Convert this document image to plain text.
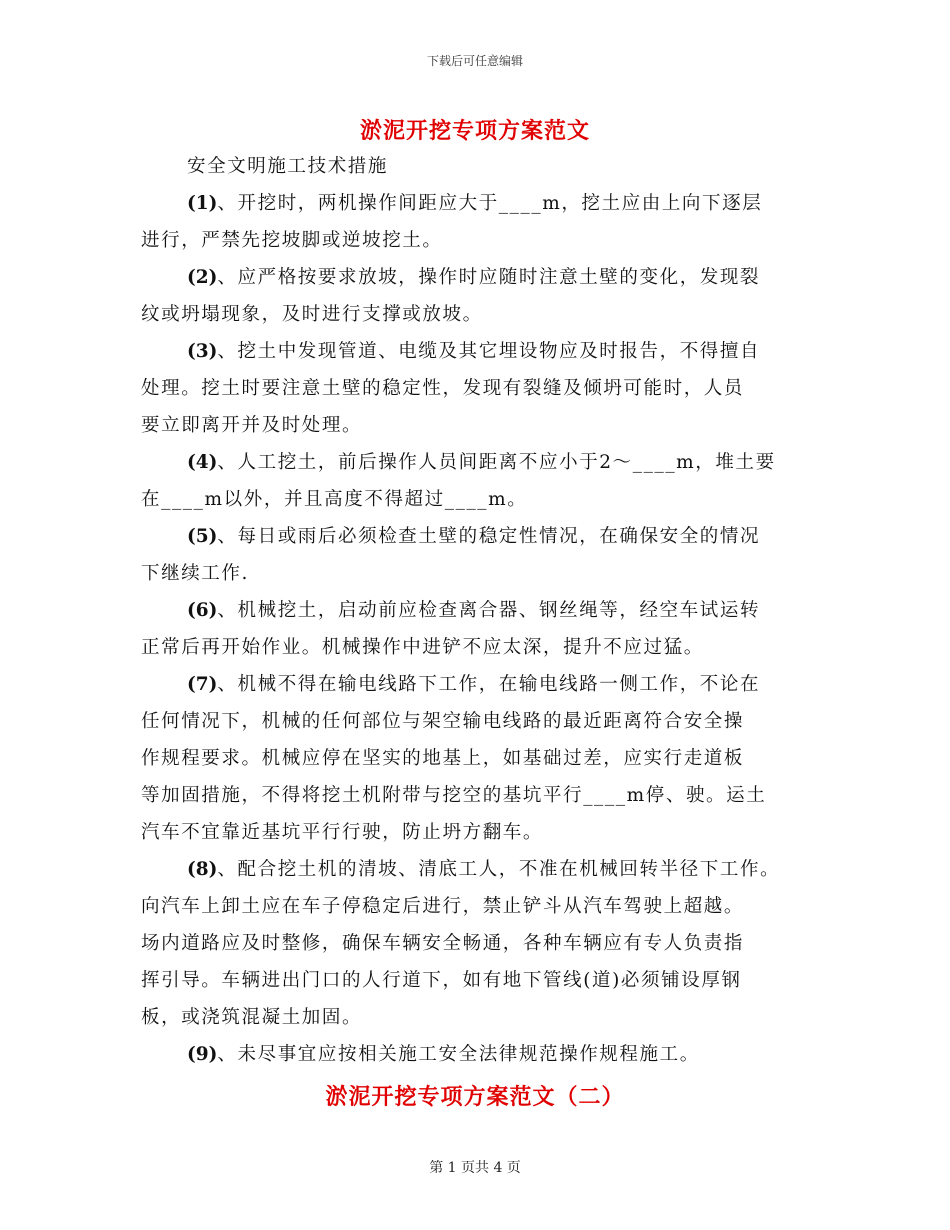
下载后可任意编辑
淤泥开挖专项方案范文
安全文明施工技术措施
(1)、开挖时，两机操作间距应大于____m，挖土应由上向下逐层
进行，严禁先挖坡脚或逆坡挖土。
(2)、应严格按要求放坡，操作时应随时注意土壁的变化，发现裂
纹或坍塌现象，及时进行支撑或放坡。
(3)、挖土中发现管道、电缆及其它埋设物应及时报告，不得擅自
处理。挖土时要注意土壁的稳定性，发现有裂缝及倾坍可能时，人员
要立即离开并及时处理。
(4)、人工挖土，前后操作人员间距离不应小于2～____m，堆土要
在____m以外，并且高度不得超过____m。
(5)、每日或雨后必须检查土壁的稳定性情况，在确保安全的情况
下继续工作.
(6)、机械挖土，启动前应检查离合器、钢丝绳等，经空车试运转
正常后再开始作业。机械操作中进铲不应太深，提升不应过猛。
(7)、机械不得在输电线路下工作，在输电线路一侧工作，不论在
任何情况下，机械的任何部位与架空输电线路的最近距离符合安全操
作规程要求。机械应停在坚实的地基上，如基础过差，应实行走道板
等加固措施，不得将挖土机附带与挖空的基坑平行____m停、驶。运土
汽车不宜靠近基坑平行行驶，防止坍方翻车。
(8)、配合挖土机的清坡、清底工人，不准在机械回转半径下工作。
向汽车上卸土应在车子停稳定后进行，禁止铲斗从汽车驾驶上超越。
场内道路应及时整修，确保车辆安全畅通，各种车辆应有专人负责指
挥引导。车辆进出门口的人行道下，如有地下管线(道)必须铺设厚钢
板，或浇筑混凝土加固。
(9)、未尽事宜应按相关施工安全法律规范操作规程施工。
淤泥开挖专项方案范文（二）
第 1 页共 4 页
